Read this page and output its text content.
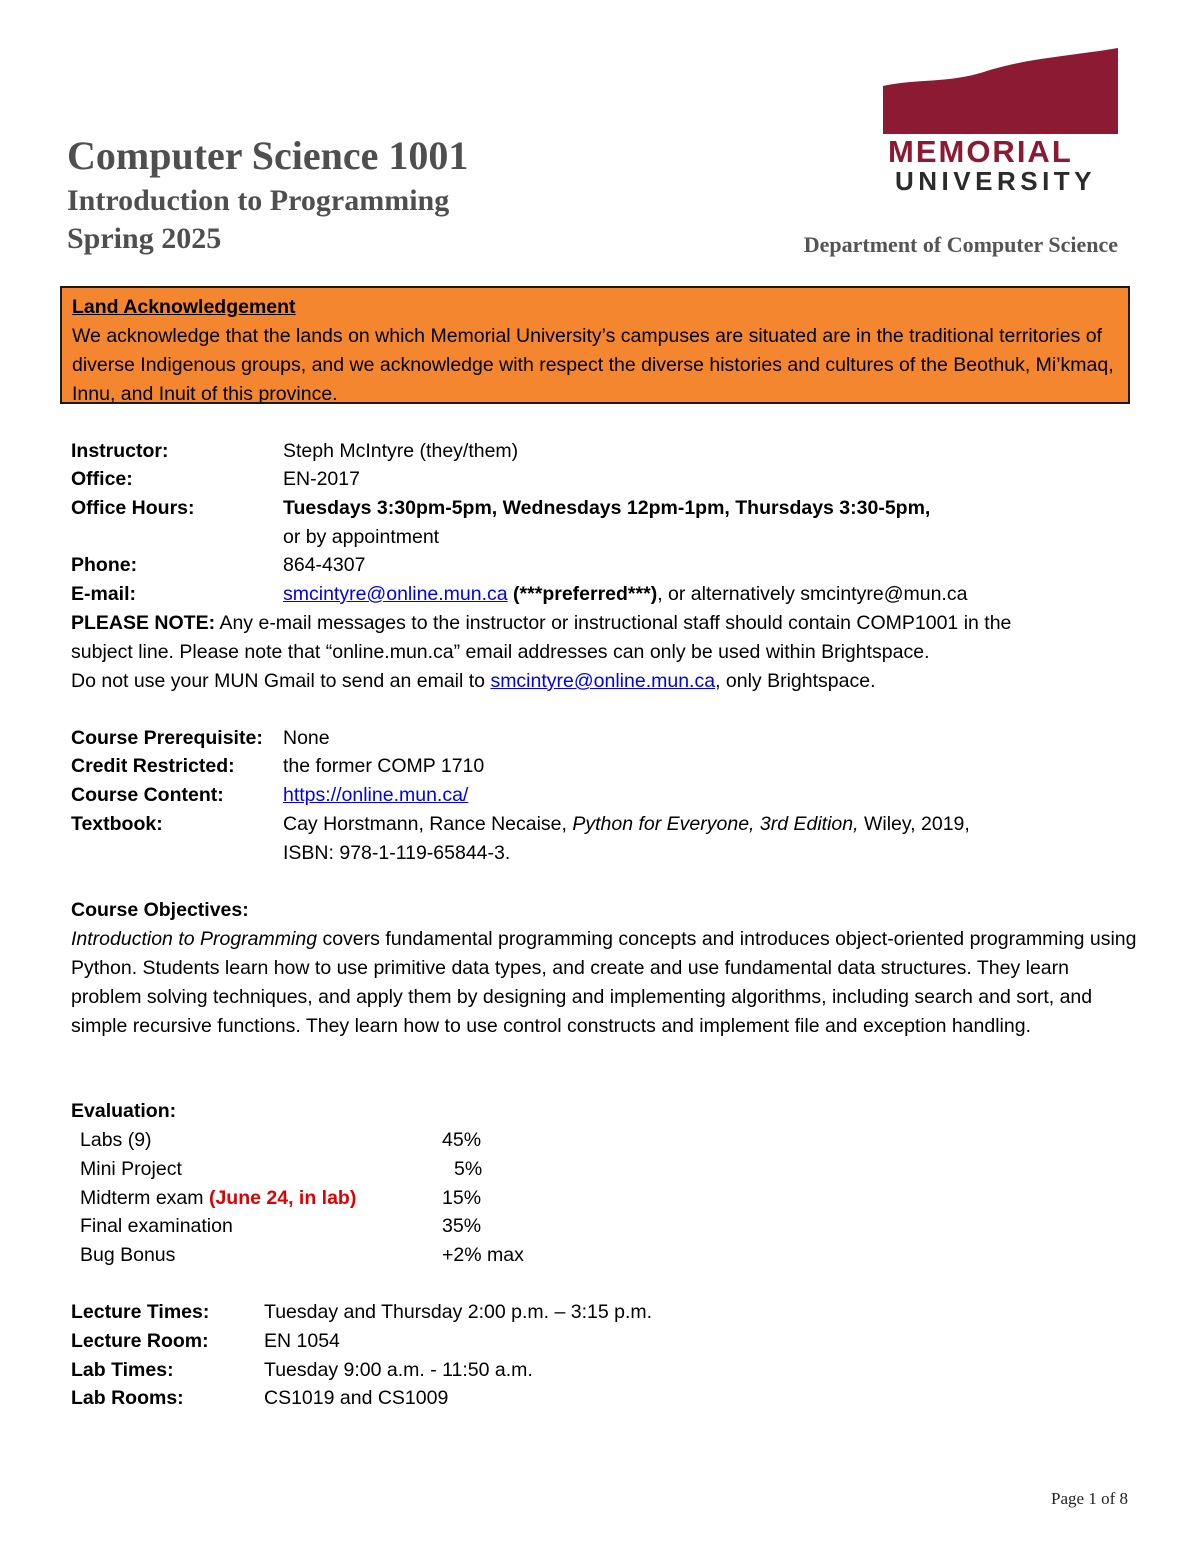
Computer Science 1001
Introduction to Programming
Spring 2025	Department of Computer Science
MEMORIAL
UNIVERSITY
Land Acknowledgement
We acknowledge that the lands on which Memorial University’s campuses are situated are in the traditional territories of diverse Indigenous groups, and we acknowledge with respect the diverse histories and cultures of the Beothuk, Mi’kmaq, Innu, and Inuit of this province.
Instructor:	Steph McIntyre (they/them)
Office:	EN-2017
Office Hours:	Tuesdays 3:30pm-5pm, Wednesdays 12pm-1pm, Thursdays 3:30-5pm,
or by appointment
Phone:	864-4307
E-mail:	smcintyre@online.mun.ca (***preferred***), or alternatively smcintyre@mun.ca
PLEASE NOTE: Any e-mail messages to the instructor or instructional staff should contain COMP1001 in the
subject line. Please note that “online.mun.ca” email addresses can only be used within Brightspace.
Do not use your MUN Gmail to send an email to smcintyre@online.mun.ca, only Brightspace.
Course Prerequisite: None
Credit Restricted: the former COMP 1710
Course Content:	https://online.mun.ca/
Textbook:	Cay Horstmann, Rance Necaise, Python for Everyone, 3rd Edition, Wiley, 2019,
ISBN: 978-1-119-65844-3.
Course Objectives:
Introduction to Programming covers fundamental programming concepts and introduces object-oriented programming using Python. Students learn how to use primitive data types, and create and use fundamental data structures. They learn problem solving techniques, and apply them by designing and implementing algorithms, including search and sort, and simple recursive functions. They learn how to use control constructs and implement file and exception handling.
Evaluation:
Labs (9)	45%
Mini Project	5%
Midterm exam (June 24, in lab)	15%
Final examination	35%
Bug Bonus	+2% max
Lecture Times:	Tuesday and Thursday 2:00 p.m. – 3:15 p.m.
Lecture Room:	EN 1054
Lab Times:	Tuesday 9:00 a.m. - 11:50 a.m.
Lab Rooms:	CS1019 and CS1009
Page 1 of 8
